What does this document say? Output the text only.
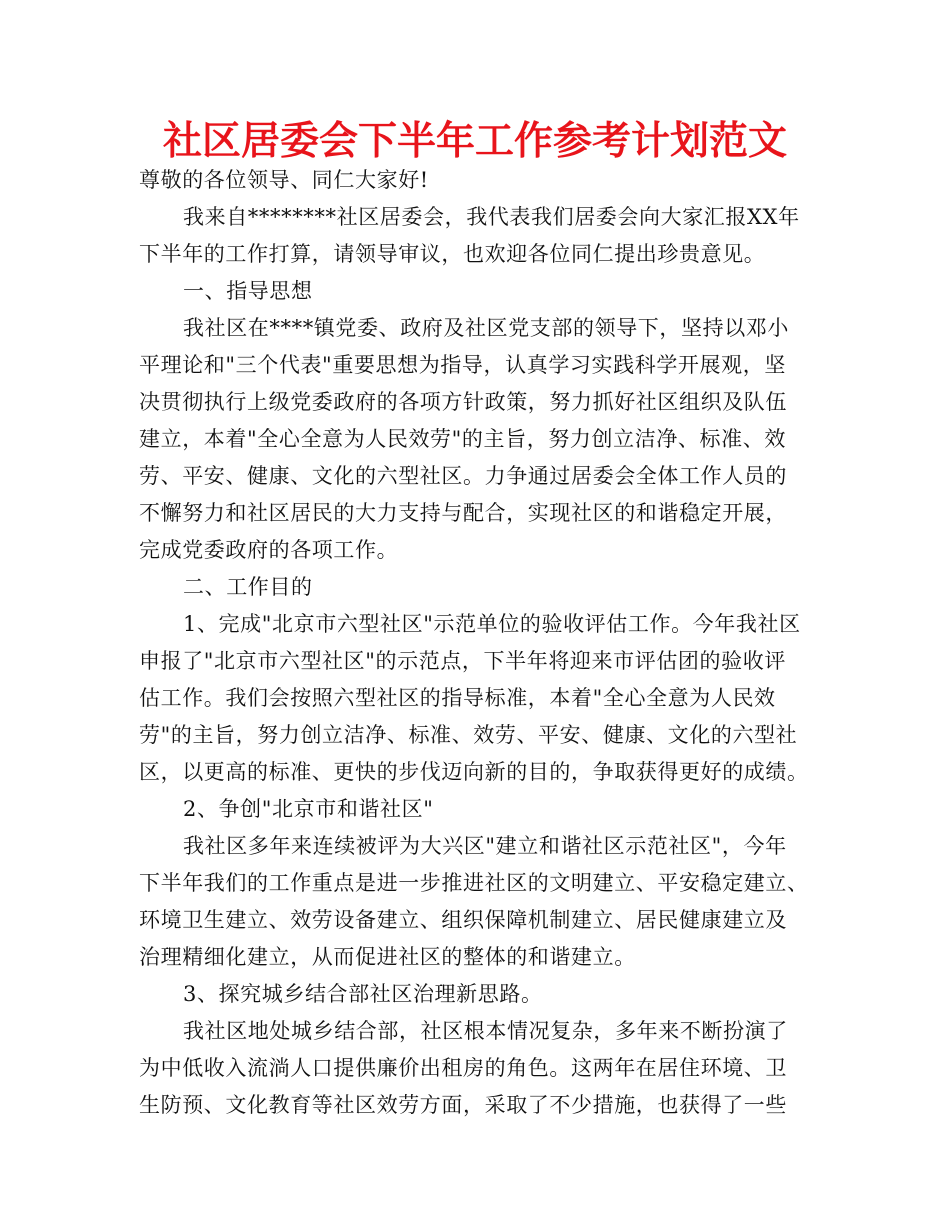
社区居委会下半年工作参考计划范文

尊敬的各位领导、同仁大家好!

我来自********社区居委会，我代表我们居委会向大家汇报XX年

下半年的工作打算，请领导审议，也欢迎各位同仁提出珍贵意见。

一、指导思想

我社区在****镇党委、政府及社区党支部的领导下，坚持以邓小

平理论和"三个代表"重要思想为指导，认真学习实践科学开展观，坚

决贯彻执行上级党委政府的各项方针政策，努力抓好社区组织及队伍

建立，本着"全心全意为人民效劳"的主旨，努力创立洁净、标准、效

劳、平安、健康、文化的六型社区。力争通过居委会全体工作人员的

不懈努力和社区居民的大力支持与配合，实现社区的和谐稳定开展，

完成党委政府的各项工作。

二、工作目的

1、完成"北京市六型社区"示范单位的验收评估工作。今年我社区

申报了"北京市六型社区"的示范点，下半年将迎来市评估团的验收评

估工作。我们会按照六型社区的指导标准，本着"全心全意为人民效

劳"的主旨，努力创立洁净、标准、效劳、平安、健康、文化的六型社

区，以更高的标准、更快的步伐迈向新的目的，争取获得更好的成绩。

2、争创"北京市和谐社区"

我社区多年来连续被评为大兴区"建立和谐社区示范社区"，今年

下半年我们的工作重点是进一步推进社区的文明建立、平安稳定建立、

环境卫生建立、效劳设备建立、组织保障机制建立、居民健康建立及

治理精细化建立，从而促进社区的整体的和谐建立。

3、探究城乡结合部社区治理新思路。

我社区地处城乡结合部，社区根本情况复杂，多年来不断扮演了

为中低收入流淌人口提供廉价出租房的角色。这两年在居住环境、卫

生防预、文化教育等社区效劳方面，采取了不少措施，也获得了一些
